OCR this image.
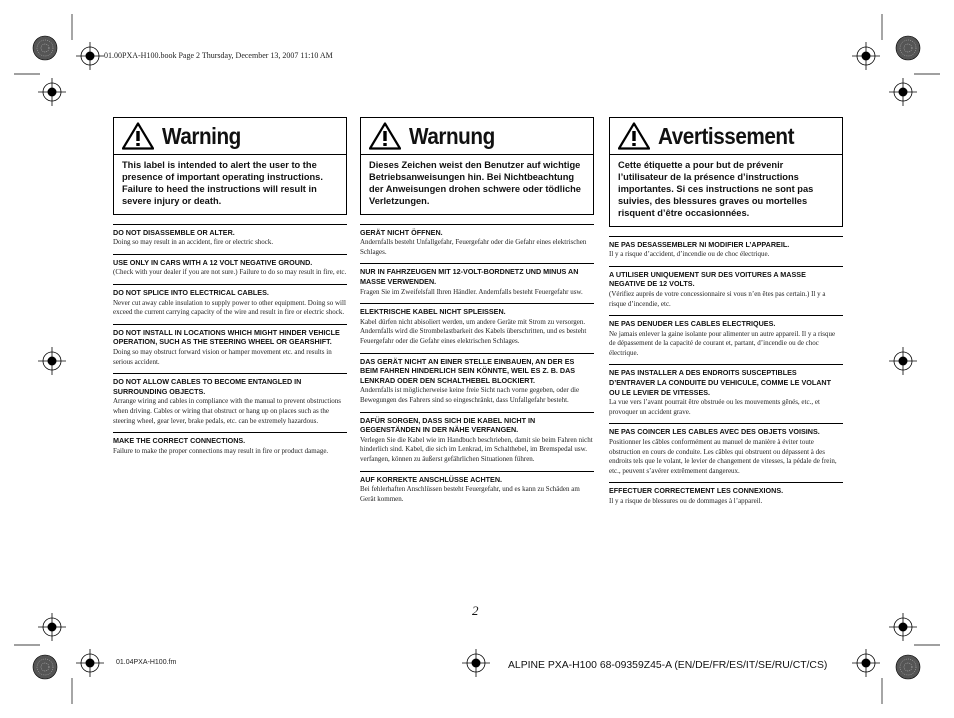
01.00PXA-H100.book Page 2 Thursday, December 13, 2007 11:10 AM
Warning
This label is intended to alert the user to the presence of important operating instructions. Failure to heed the instructions will result in severe injury or death.
DO NOT DISASSEMBLE OR ALTER.
Doing so may result in an accident, fire or electric shock.
USE ONLY IN CARS WITH A 12 VOLT NEGATIVE GROUND.
(Check with your dealer if you are not sure.) Failure to do so may result in fire, etc.
DO NOT SPLICE INTO ELECTRICAL CABLES.
Never cut away cable insulation to supply power to other equipment. Doing so will exceed the current carrying capacity of the wire and result in fire or electric shock.
DO NOT INSTALL IN LOCATIONS WHICH MIGHT HINDER VEHICLE OPERATION, SUCH AS THE STEERING WHEEL OR GEARSHIFT.
Doing so may obstruct forward vision or hamper movement etc. and results in serious accident.
DO NOT ALLOW CABLES TO BECOME ENTANGLED IN SURROUNDING OBJECTS.
Arrange wiring and cables in compliance with the manual to prevent obstructions when driving. Cables or wiring that obstruct or hang up on places such as the steering wheel, gear lever, brake pedals, etc. can be extremely hazardous.
MAKE THE CORRECT CONNECTIONS.
Failure to make the proper connections may result in fire or product damage.
Warnung
Dieses Zeichen weist den Benutzer auf wichtige Betriebsanweisungen hin. Bei Nichtbeachtung der Anweisungen drohen schwere oder tödliche Verletzungen.
GERÄT NICHT ÖFFNEN.
Andernfalls besteht Unfallgefahr, Feuergefahr oder die Gefahr eines elektrischen Schlages.
NUR IN FAHRZEUGEN MIT 12-VOLT-BORDNETZ UND MINUS AN MASSE VERWENDEN.
Fragen Sie im Zweifelsfall Ihren Händler. Andernfalls besteht Feuergefahr usw.
ELEKTRISCHE KABEL NICHT SPLEISSEN.
Kabel dürfen nicht abisoliert werden, um andere Geräte mit Strom zu versorgen. Andernfalls wird die Strombelastbarkeit des Kabels überschritten, und es besteht Feuergefahr oder die Gefahr eines elektrischen Schlages.
DAS GERÄT NICHT AN EINER STELLE EINBAUEN, AN DER ES BEIM FAHREN HINDERLICH SEIN KÖNNTE, WEIL ES Z. B. DAS LENKRAD ODER DEN SCHALTHEBEL BLOCKIERT.
Andernfalls ist möglicherweise keine freie Sicht nach vorne gegeben, oder die Bewegungen des Fahrers sind so eingeschränkt, dass Unfallgefahr besteht.
DAFÜR SORGEN, DASS SICH DIE KABEL NICHT IN GEGENSTÄNDEN IN DER NÄHE VERFANGEN.
Verlegen Sie die Kabel wie im Handbuch beschrieben, damit sie beim Fahren nicht hinderlich sind. Kabel, die sich im Lenkrad, im Schalthebel, im Bremspedal usw. verfangen, können zu äußerst gefährlichen Situationen führen.
AUF KORREKTE ANSCHLÜSSE ACHTEN.
Bei fehlerhaften Anschlüssen besteht Feuergefahr, und es kann zu Schäden am Gerät kommen.
Avertissement
Cette étiquette a pour but de prévenir l’utilisateur de la présence d’instructions importantes. Si ces instructions ne sont pas suivies, des blessures graves ou mortelles risquent d’être occasionnées.
NE PAS DESASSEMBLER NI MODIFIER L’APPAREIL.
Il y a risque d’accident, d’incendie ou de choc électrique.
A UTILISER UNIQUEMENT SUR DES VOITURES A MASSE NEGATIVE DE 12 VOLTS.
(Vérifiez auprès de votre concessionnaire si vous n’en êtes pas certain.) Il y a risque d’incendie, etc.
NE PAS DENUDER LES CABLES ELECTRIQUES.
Ne jamais enlever la gaine isolante pour alimenter un autre appareil. Il y a risque de dépassement de la capacité de courant et, partant, d’incendie ou de choc électrique.
NE PAS INSTALLER A DES ENDROITS SUSCEPTIBLES D’ENTRAVER LA CONDUITE DU VEHICULE, COMME LE VOLANT OU LE LEVIER DE VITESSES.
La vue vers l’avant pourrait être obstruée ou les mouvements gênés, etc., et provoquer un accident grave.
NE PAS COINCER LES CABLES AVEC DES OBJETS VOISINS.
Positionner les câbles conformément au manuel de manière à éviter toute obstruction en cours de conduite. Les câbles qui obstruent ou dépassent à des endroits tels que le volant, le levier de changement de vitesses, la pédale de frein, etc., peuvent s’avérer extrêmement dangereux.
EFFECTUER CORRECTEMENT LES CONNEXIONS.
Il y a risque de blessures ou de dommages à l’appareil.
2
01.04PXA-H100.fm	ALPINE PXA-H100 68-09359Z45-A (EN/DE/FR/ES/IT/SE/RU/CT/CS)
